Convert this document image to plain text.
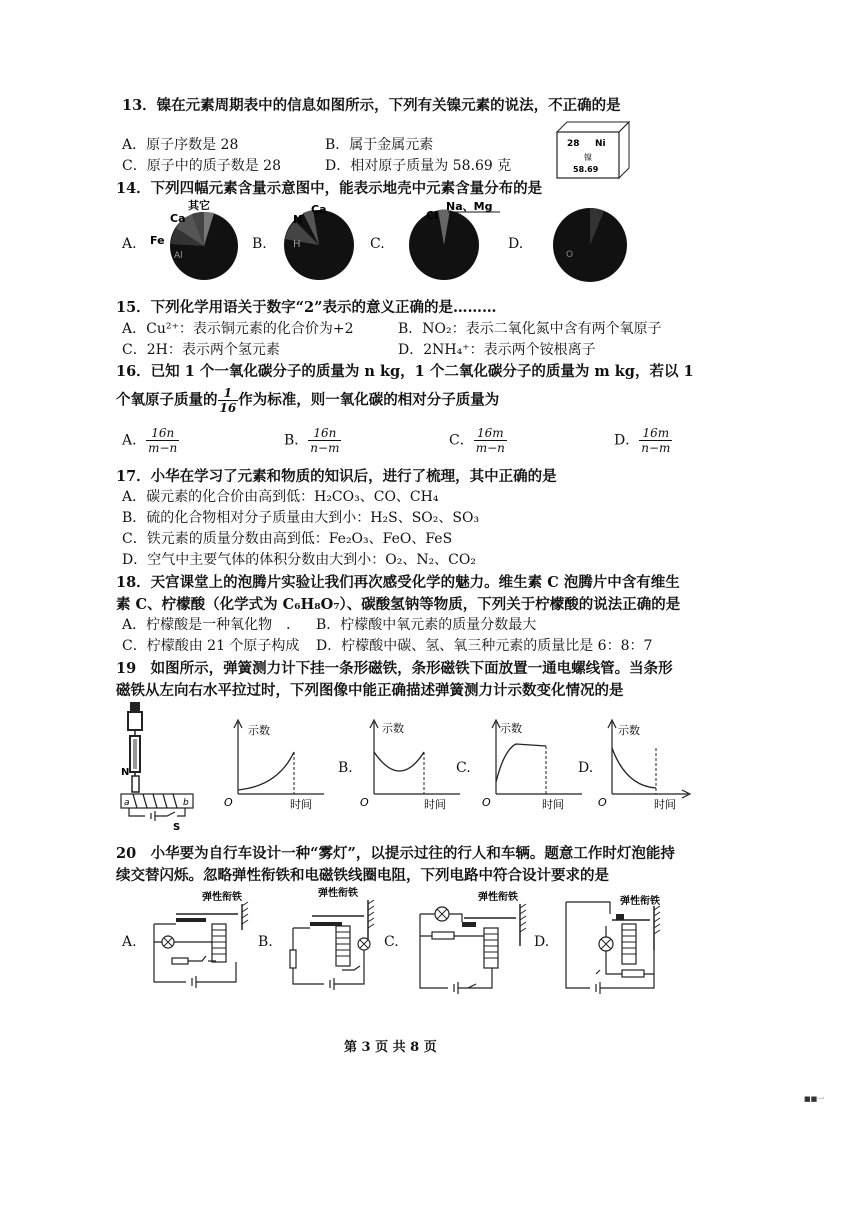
13．镍在元素周期表中的信息如图所示，下列有关镍元素的说法，不正确的是
A．原子序数是 28	B．属于金属元素
C．原子中的质子数是 28	D．相对原子质量为 58.69 克
28 Ni
镍
58.69
14．下列四幅元素含量示意图中，能表示地壳中元素含量分布的是
A.
其它
Ca
Fe
Al
B.
N
Ca
H	C.
Cl
Na、Mg
D.
O
15．下列化学用语关于数字“2”表示的意义正确的是………
A．Cu²⁺：表示铜元素的化合价为+2	B．NO₂：表示二氧化氮中含有两个氧原子
C．2H：表示两个氢元素	D．2NH₄⁺：表示两个铵根离子
16．已知 1 个一氧化碳分子的质量为 n kg，1 个二氧化碳分子的质量为 m kg，若以 1
个氧原子质量的 $\frac{1}{16}$ 作为标准，则一氧化碳的相对分子质量为
A． $\frac{16n}{m-n}$	B． $\frac{16n}{n-m}$	C． $\frac{16m}{m-n}$	D． $\frac{16m}{n-m}$
17．小华在学习了元素和物质的知识后，进行了梳理，其中正确的是
A．碳元素的化合价由高到低：H₂CO₃、CO、CH₄
B．硫的化合物相对分子质量由大到小：H₂S、SO₂、SO₃
C．铁元素的质量分数由高到低：Fe₂O₃、FeO、FeS
D．空气中主要气体的体积分数由大到小：O₂、N₂、CO₂
18．天宫课堂上的泡腾片实验让我们再次感受化学的魅力。维生素 C 泡腾片中含有维生
素 C、柠檬酸（化学式为 C₆H₈O₇）、碳酸氢钠等物质，下列关于柠檬酸的说法正确的是
A．柠檬酸是一种氧化物　． B．柠檬酸中氧元素的质量分数最大
C．柠檬酸由 21 个原子构成 D．柠檬酸中碳、氢、氧三种元素的质量比是 6：8：7
19　如图所示，弹簧测力计下挂一条形磁铁，条形磁铁下面放置一通电螺线管。当条形
磁铁从左向右水平拉过时，下列图像中能正确描述弹簧测力计示数变化情况的是
N
a	b
S
示数
O	时间
B.
示数
O	时间
C.
示数
O	时间
D.
示数
O	时间
20　小华要为自行车设计一种“雾灯”，以提示过往的行人和车辆。题意工作时灯泡能持
续交替闪烁。忽略弹性衔铁和电磁铁线圈电阻，下列电路中符合设计要求的是
A.
弹性衔铁
B.
弹性衔铁
C.
弹性衔铁
D.
弹性衔铁
第 3 页 共 8 页
■■一
